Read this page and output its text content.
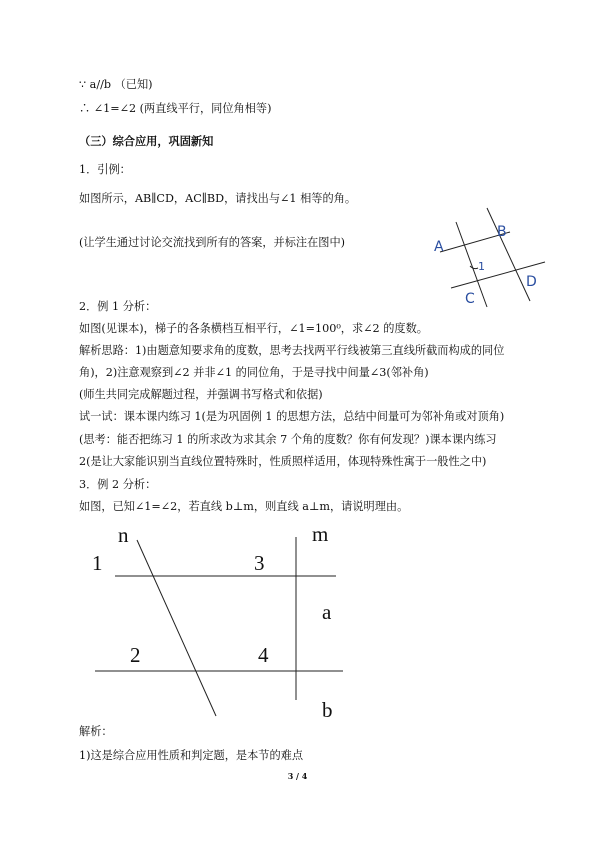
∵ a//b （已知)
∴ ∠1=∠2 (两直线平行，同位角相等)
（三）综合应用，巩固新知
1．引例：
如图所示，AB∥CD，AC∥BD，请找出与∠1 相等的角。
(让学生通过讨论交流找到所有的答案，并标注在图中)
2．例 1 分析：
如图(见课本)，梯子的各条横档互相平行，∠1=100⁰，求∠2 的度数。
解析思路：1)由题意知要求角的度数，思考去找两平行线被第三直线所截而构成的同位
角)，2)注意观察到∠2 并非∠1 的同位角，于是寻找中间量∠3(邻补角)
(师生共同完成解题过程，并强调书写格式和依据)
试一试：课本课内练习 1(是为巩固例 1 的思想方法，总结中间量可为邻补角或对顶角)
(思考：能否把练习 1 的所求改为求其余 7 个角的度数？你有何发现？)课本课内练习
2(是让大家能识别当直线位置特殊时，性质照样适用，体现特殊性寓于一般性之中)
3．例 2 分析：
如图，已知∠1=∠2，若直线 b⊥m，则直线 a⊥m，请说明理由。
解析：
1)这是综合应用性质和判定题，是本节的难点
A
B
C
D
1
n	m
1	3
a
2	4
b
3 / 4
